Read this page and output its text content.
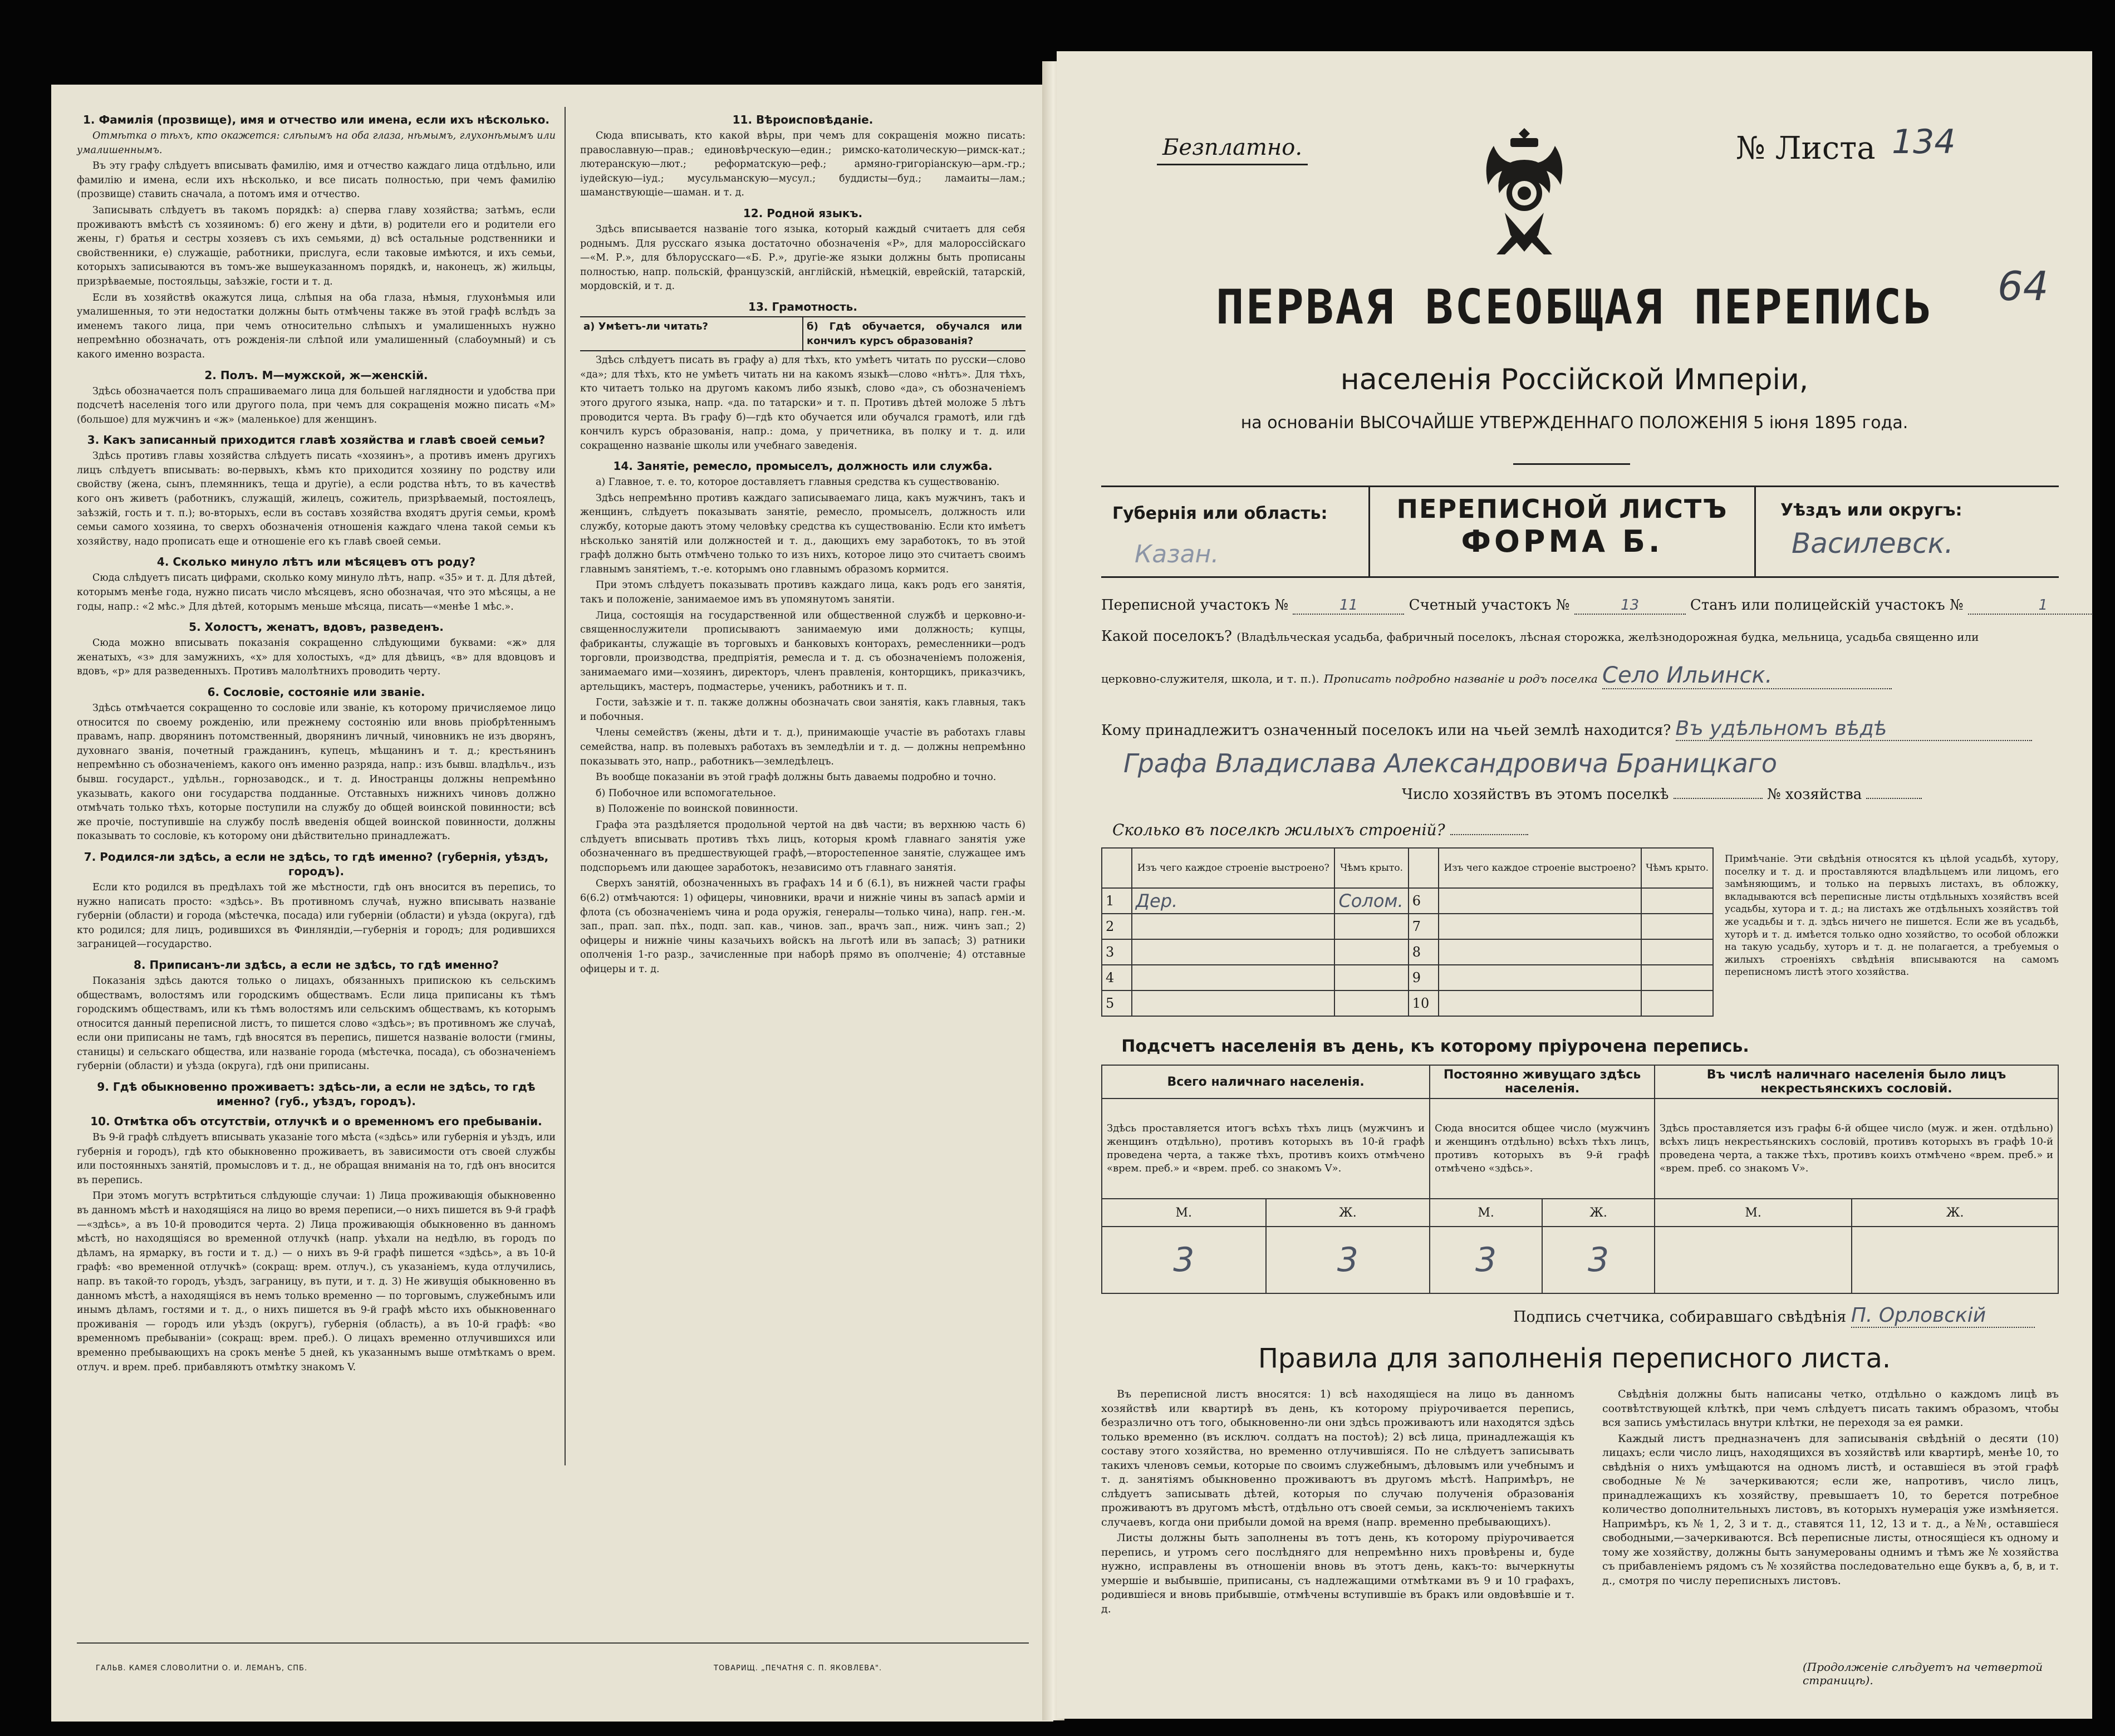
1. Фамилія (прозвище), имя и отчество или имена, если ихъ нѣсколько.

Отмѣтка о тѣхъ, кто окажется: слѣпымъ на оба глаза, нѣмымъ, глухонѣмымъ или умалишеннымъ.

Въ эту графу слѣдуетъ вписывать фамилію, имя и отчество каждаго лица отдѣльно, или фамилію и имена, если ихъ нѣсколько, и все писать полностью, при чемъ фамилію (прозвище) ставить сначала, а потомъ имя и отчество.

Записывать слѣдуетъ въ такомъ порядкѣ: а) сперва главу хозяйства; затѣмъ, если проживаютъ вмѣстѣ съ хозяиномъ: б) его жену и дѣти, в) родители его и родители его жены, г) братья и сестры хозяевъ съ ихъ семьями, д) всѣ остальные родственники и свойственники, е) служащіе, работники, прислуга, если таковые имѣются, и ихъ семьи, которыхъ записываются въ томъ-же вышеуказанномъ порядкѣ, и, наконецъ, ж) жильцы, призрѣваемые, постояльцы, заѣзжіе, гости и т. д.

Если въ хозяйствѣ окажутся лица, слѣпыя на оба глаза, нѣмыя, глухонѣмыя или умалишенныя, то эти недостатки должны быть отмѣчены также въ этой графѣ вслѣдъ за именемъ такого лица, при чемъ относительно слѣпыхъ и умалишенныхъ нужно непремѣнно обозначать, отъ рожденія-ли слѣпой или умалишенный (слабоумный) и съ какого именно возраста.

2. Полъ. М—мужской, ж—женскій.

Здѣсь обозначается полъ спрашиваемаго лица для большей наглядности и удобства при подсчетѣ населенія того или другого пола, при чемъ для сокращенія можно писать «М» (большое) для мужчинъ и «ж» (маленькое) для женщинъ.

3. Какъ записанный приходится главѣ хозяйства и главѣ своей семьи?

Здѣсь противъ главы хозяйства слѣдуетъ писать «хозяинъ», а противъ именъ другихъ лицъ слѣдуетъ вписывать: во-первыхъ, кѣмъ кто приходится хозяину по родству или свойству (жена, сынъ, племянникъ, теща и другіе), а если родства нѣтъ, то въ качествѣ кого онъ живетъ (работникъ, служащій, жилецъ, сожитель, призрѣваемый, постоялецъ, заѣзжій, гость и т. п.); во-вторыхъ, если въ составъ хозяйства входятъ другія семьи, кромѣ семьи самого хозяина, то сверхъ обозначенія отношенія каждаго члена такой семьи къ хозяйству, надо прописать еще и отношеніе его къ главѣ своей семьи.

4. Сколько минуло лѣтъ или мѣсяцевъ отъ роду?

Сюда слѣдуетъ писать цифрами, сколько кому минуло лѣтъ, напр. «35» и т. д. Для дѣтей, которымъ менѣе года, нужно писать число мѣсяцевъ, ясно обозначая, что это мѣсяцы, а не годы, напр.: «2 мѣс.» Для дѣтей, которымъ меньше мѣсяца, писать—«менѣе 1 мѣс.».

5. Холостъ, женатъ, вдовъ, разведенъ.

Сюда можно вписывать показанія сокращенно слѣдующими буквами: «ж» для женатыхъ, «з» для замужнихъ, «х» для холостыхъ, «д» для дѣвицъ, «в» для вдовцовъ и вдовъ, «р» для разведенныхъ. Противъ малолѣтнихъ проводить черту.

6. Сословіе, состояніе или званіе.

Здѣсь отмѣчается сокращенно то сословіе или званіе, къ которому причисляемое лицо относится по своему рожденію, или прежнему состоянію или вновь пріобрѣтеннымъ правамъ, напр. дворянинъ потомственный, дворянинъ личный, чиновникъ не изъ дворянъ, духовнаго званія, почетный гражданинъ, купецъ, мѣщанинъ и т. д.; крестьянинъ непремѣнно съ обозначеніемъ, какого онъ именно разряда, напр.: изъ бывш. владѣльч., изъ бывш. государст., удѣльн., горнозаводск., и т. д. Иностранцы должны непремѣнно указывать, какого они государства подданные. Отставныхъ нижнихъ чиновъ должно отмѣчать только тѣхъ, которые поступили на службу до общей воинской повинности; всѣ же прочіе, поступившіе на службу послѣ введенія общей воинской повинности, должны показывать то сословіе, къ которому они дѣйствительно принадлежатъ.

7. Родился-ли здѣсь, а если не здѣсь, то гдѣ именно? (губернія, уѣздъ, городъ).

Если кто родился въ предѣлахъ той же мѣстности, гдѣ онъ вносится въ перепись, то нужно написать просто: «здѣсь». Въ противномъ случаѣ, нужно вписывать названіе губерніи (области) и города (мѣстечка, посада) или губерніи (области) и уѣзда (округа), гдѣ кто родился; для лицъ, родившихся въ Финляндіи,—губернія и городъ; для родившихся заграницей—государство.

8. Приписанъ-ли здѣсь, а если не здѣсь, то гдѣ именно?

Показанія здѣсь даются только о лицахъ, обязанныхъ припискою къ сельскимъ обществамъ, волостямъ или городскимъ обществамъ. Если лица приписаны къ тѣмъ городскимъ обществамъ, или къ тѣмъ волостямъ или сельскимъ обществамъ, къ которымъ относится данный переписной листъ, то пишется слово «здѣсь»; въ противномъ же случаѣ, если они приписаны не тамъ, гдѣ вносятся въ перепись, пишется названіе волости (гмины, станицы) и сельскаго общества, или названіе города (мѣстечка, посада), съ обозначеніемъ губерніи (области) и уѣзда (округа), гдѣ они приписаны.

9. Гдѣ обыкновенно проживаетъ: здѣсь-ли, а если не здѣсь, то гдѣ именно? (губ., уѣздъ, городъ).
10. Отмѣтка объ отсутствіи, отлучкѣ и о временномъ его пребываніи.

Въ 9-й графѣ слѣдуетъ вписывать указаніе того мѣста («здѣсь» или губернія и уѣздъ, или губернія и городъ), гдѣ кто обыкновенно проживаетъ, въ зависимости отъ своей службы или постоянныхъ занятій, промысловъ и т. д., не обращая вниманія на то, гдѣ онъ вносится въ перепись.

При этомъ могутъ встрѣтиться слѣдующіе случаи: 1) Лица проживающія обыкновенно въ данномъ мѣстѣ и находящіяся на лицо во время переписи,—о нихъ пишется въ 9-й графѣ—«здѣсь», а въ 10-й проводится черта. 2) Лица проживающія обыкновенно въ данномъ мѣстѣ, но находящіяся во временной отлучкѣ (напр. уѣхали на недѣлю, въ городъ по дѣламъ, на ярмарку, въ гости и т. д.) — о нихъ въ 9-й графѣ пишется «здѣсь», а въ 10-й графѣ: «во временной отлучкѣ» (сокращ: врем. отлуч.), съ указаніемъ, куда отлучились, напр. въ такой-то городъ, уѣздъ, заграницу, въ пути, и т. д. 3) Не живущія обыкновенно въ данномъ мѣстѣ, а находящіяся въ немъ только временно — по торговымъ, служебнымъ или инымъ дѣламъ, гостями и т. д., о нихъ пишется въ 9-й графѣ мѣсто ихъ обыкновеннаго проживанія — городъ или уѣздъ (округъ), губернія (область), а въ 10-й графѣ: «во временномъ пребываніи» (сокращ: врем. преб.). О лицахъ временно отлучившихся или временно пребывающихъ на срокъ менѣе 5 дней, къ указаннымъ выше отмѣткамъ о врем. отлуч. и врем. преб. прибавляютъ отмѣтку знакомъ V.

11. Вѣроисповѣданіе.

Сюда вписывать, кто какой вѣры, при чемъ для сокращенія можно писать: православную—прав.; единовѣрческую—един.; римско-католическую—римск-кат.; лютеранскую—лют.; реформатскую—реф.; армяно-григоріанскую—арм.-гр.; іудейскую—іуд.; мусульманскую—мусул.; буддисты—буд.; ламаиты—лам.; шаманствующіе—шаман. и т. д.

12. Родной языкъ.

Здѣсь вписывается названіе того языка, который каждый считаетъ для себя роднымъ. Для русскаго языка достаточно обозначенія «Р», для малороссійскаго—«М. Р.», для бѣлорусскаго—«Б. Р.», другіе-же языки должны быть прописаны полностью, напр. польскій, французскій, англійскій, нѣмецкій, еврейскій, татарскій, мордовскій, и т. д.

13. Грамотность.
а) Умѣетъ-ли читать?	б) Гдѣ обучается, обучался или кончилъ курсъ образованія?

Здѣсь слѣдуетъ писать въ графу а) для тѣхъ, кто умѣетъ читать по русски—слово «да»; для тѣхъ, кто не умѣетъ читать ни на какомъ языкѣ—слово «нѣтъ». Для тѣхъ, кто читаетъ только на другомъ какомъ либо языкѣ, слово «да», съ обозначеніемъ этого другого языка, напр. «да. по татарски» и т. п. Противъ дѣтей моложе 5 лѣтъ проводится черта. Въ графу б)—гдѣ кто обучается или обучался грамотѣ, или гдѣ кончилъ курсъ образованія, напр.: дома, у причетника, въ полку и т. д. или сокращенно названіе школы или учебнаго заведенія.

14. Занятіе, ремесло, промыселъ, должность или служба.

а) Главное, т. е. то, которое доставляетъ главныя средства къ существованію.

Здѣсь непремѣнно противъ каждаго записываемаго лица, какъ мужчинъ, такъ и женщинъ, слѣдуетъ показывать занятіе, ремесло, промыселъ, должность или службу, которые даютъ этому человѣку средства къ существованію. Если кто имѣетъ нѣсколько занятій или должностей и т. д., дающихъ ему заработокъ, то въ этой графѣ должно быть отмѣчено только то изъ нихъ, которое лицо это считаетъ своимъ главнымъ занятіемъ, т.-е. которымъ оно главнымъ образомъ кормится.

При этомъ слѣдуетъ показывать противъ каждаго лица, какъ родъ его занятія, такъ и положеніе, занимаемое имъ въ упомянутомъ занятіи.

Лица, состоящія на государственной или общественной службѣ и церковно-и-священнослужители прописываютъ занимаемую ими должность; купцы, фабриканты, служащіе въ торговыхъ и банковыхъ конторахъ, ремесленники—родъ торговли, производства, предпріятія, ремесла и т. д. съ обозначеніемъ положенія, занимаемаго ими—хозяинъ, директоръ, членъ правленія, конторщикъ, приказчикъ, артельщикъ, мастеръ, подмастерье, ученикъ, работникъ и т. п.

Гости, заѣзжіе и т. п. также должны обозначать свои занятія, какъ главныя, такъ и побочныя.

Члены семействъ (жены, дѣти и т. д.), принимающіе участіе въ работахъ главы семейства, напр. въ полевыхъ работахъ въ земледѣліи и т. д. — должны непремѣнно показывать это, напр., работникъ—земледѣлецъ.

Въ вообще показаніи въ этой графѣ должны быть даваемы подробно и точно.

б) Побочное или вспомогательное.

в) Положеніе по воинской повинности.

Графа эта раздѣляется продольной чертой на двѣ части; въ верхнюю часть 6) слѣдуетъ вписывать противъ тѣхъ лицъ, которыя кромѣ главнаго занятія уже обозначеннаго въ предшествующей графѣ,—второстепенное занятіе, служащее имъ подспорьемъ или дающее заработокъ, независимо отъ главнаго занятія.

Сверхъ занятій, обозначенныхъ въ графахъ 14 и б (6.1), въ нижней части графы 6(6.2) отмѣчаются: 1) офицеры, чиновники, врачи и нижніе чины въ запасѣ арміи и флота (съ обозначеніемъ чина и рода оружія, генералы—только чина), напр. ген.-м. зап., прап. зап. пѣх., подп. зап. кав., чинов. зап., врачъ зап., ниж. чинъ зап.; 2) офицеры и нижніе чины казачьихъ войскъ на льготѣ или въ запасѣ; 3) ратники ополченія 1-го разр., зачисленные при наборѣ прямо въ ополченіе; 4) отставные офицеры и т. д.

ГАЛЬВ. КАМЕЯ СЛОВОЛИТНИ О. И. ЛЕМАНЪ, СПБ.	ТОВАРИЩ. „ПЕЧАТНЯ С. П. ЯКОВЛЕВА".
Безплатно.	№ Листа 134
64
ПЕРВАЯ ВСЕОБЩАЯ ПЕРЕПИСЬ
населенія Россійской Имперіи,
на основаніи ВЫСОЧАЙШЕ УТВЕРЖДЕННАГО ПОЛОЖЕНІЯ 5 іюня 1895 года.
Губернія или область:
Казан.
ПЕРЕПИСНОЙ ЛИСТЪ
ФОРМА Б.
Уѣздъ или округъ:
Василевск.
Переписной участокъ №	11	Счетный участокъ №	13	Станъ или полицейскій участокъ №	1
Какой поселокъ? (Владѣльческая усадьба, фабричный поселокъ, лѣсная сторожка, желѣзнодорожная будка, мельница, усадьба священно или
церковно-служителя, школа, и т. п.). Прописать подробно названіе и родъ поселка Село Ильинск.
Кому принадлежитъ означенный поселокъ или на чьей землѣ находится? Въ удѣльномъ вѣдѣ
Графа Владислава Александровича Браницкаго
Число хозяйствъ въ этомъ поселкѣ	№ хозяйства
Сколько въ поселкѣ жилыхъ строеній?
	Изъ чего каждое строеніе выстроено?	Чѣмъ крыто.		Изъ чего каждое строеніе выстроено?	Чѣмъ крыто.
1	Дер.	Солом.	6		
2			7		
3			8		
4			9		
5			10		
Примѣчаніе. Эти свѣдѣнія относятся къ цѣлой усадьбѣ, хутору, поселку и т. д. и проставляются владѣльцемъ или лицомъ, его замѣняющимъ, и только на первыхъ листахъ, въ обложку, вкладываются всѣ переписные листы отдѣльныхъ хозяйствъ всей усадьбы, хутора и т. д.; на листахъ же отдѣльныхъ хозяйствъ той же усадьбы и т. д. здѣсь ничего не пишется. Если же въ усадьбѣ, хуторѣ и т. д. имѣется только одно хозяйство, то особой обложки на такую усадьбу, хуторъ и т. д. не полагается, а требуемыя о жилыхъ строеніяхъ свѣдѣнія вписываются на самомъ переписномъ листѣ этого хозяйства.
Подсчетъ населенія въ день, къ которому пріурочена перепись.
Всего наличнаго населенія.		Постоянно живущаго здѣсь населенія.		Въ числѣ наличнаго населенія было лицъ некрестьянскихъ сословій.	
Здѣсь проставляется итогъ всѣхъ тѣхъ лицъ (мужчинъ и женщинъ отдѣльно), противъ которыхъ въ 10-й графѣ проведена черта, а также тѣхъ, противъ коихъ отмѣчено «врем. преб.» и «врем. преб. со знакомъ V».		Сюда вносится общее число (мужчинъ и женщинъ отдѣльно) всѣхъ тѣхъ лицъ, противъ которыхъ въ 9-й графѣ отмѣчено «здѣсь».		Здѣсь проставляется изъ графы 6-й общее число (муж. и жен. отдѣльно) всѣхъ лицъ некрестьянскихъ сословій, противъ которыхъ въ графѣ 10-й проведена черта, а также тѣхъ, противъ коихъ отмѣчено «врем. преб.» и «врем. преб. со знакомъ V».	
М.	Ж.	М.	Ж.	М.	Ж.
3	3	3	3		
Подпись счетчика, собиравшаго свѣдѣнія П. Орловскій
Правила для заполненія переписного листа.

Въ переписной листъ вносятся: 1) всѣ находящіеся на лицо въ данномъ хозяйствѣ или квартирѣ въ день, къ которому пріурочивается перепись, безразлично отъ того, обыкновенно-ли они здѣсь проживаютъ или находятся здѣсь только временно (въ исключ. солдатъ на постоѣ); 2) всѣ лица, принадлежащія къ составу этого хозяйства, но временно отлучившіяся. По не слѣдуетъ записывать такихъ членовъ семьи, которые по своимъ служебнымъ, дѣловымъ или учебнымъ и т. д. занятіямъ обыкновенно проживаютъ въ другомъ мѣстѣ. Напримѣръ, не слѣдуетъ записывать дѣтей, которыя по случаю полученія образованія проживаютъ въ другомъ мѣстѣ, отдѣльно отъ своей семьи, за исключеніемъ такихъ случаевъ, когда они прибыли домой на время (напр. временно пребывающихъ).

Листы должны быть заполнены въ тотъ день, къ которому пріурочивается перепись, и утромъ сего послѣдняго для непремѣнно нихъ провѣрены и, буде нужно, исправлены въ отношеніи вновь въ этотъ день, какъ-то: вычеркнуты умершіе и выбывшіе, приписаны, съ надлежащими отмѣтками въ 9 и 10 графахъ, родившіеся и вновь прибывшіе, отмѣчены вступившіе въ бракъ или овдовѣвшіе и т. д.

Свѣдѣнія должны быть написаны четко, отдѣльно о каждомъ лицѣ въ соотвѣтствующей клѣткѣ, при чемъ слѣдуетъ писать такимъ образомъ, чтобы вся запись умѣстилась внутри клѣтки, не переходя за ея рамки.

Каждый листъ предназначенъ для записыванія свѣдѣній о десяти (10) лицахъ; если число лицъ, находящихся въ хозяйствѣ или квартирѣ, менѣе 10, то свѣдѣнія о нихъ умѣщаются на одномъ листѣ, и оставшіеся въ этой графѣ свободные №№ зачеркиваются; если же, напротивъ, число лицъ, принадлежащихъ къ хозяйству, превышаетъ 10, то берется потребное количество дополнительныхъ листовъ, въ которыхъ нумерація уже измѣняется. Напримѣръ, къ № 1, 2, 3 и т. д., ставятся 11, 12, 13 и т. д., а №№, оставшіеся свободными,—зачеркиваются. Всѣ переписные листы, относящіеся къ одному и тому же хозяйству, должны быть занумерованы однимъ и тѣмъ же № хозяйства съ прибавленіемъ рядомъ съ № хозяйства последовательно еще буквъ а, б, в, и т. д., смотря по числу переписныхъ листовъ.

(Продолженіе слѣдуетъ на четвертой страницѣ).
